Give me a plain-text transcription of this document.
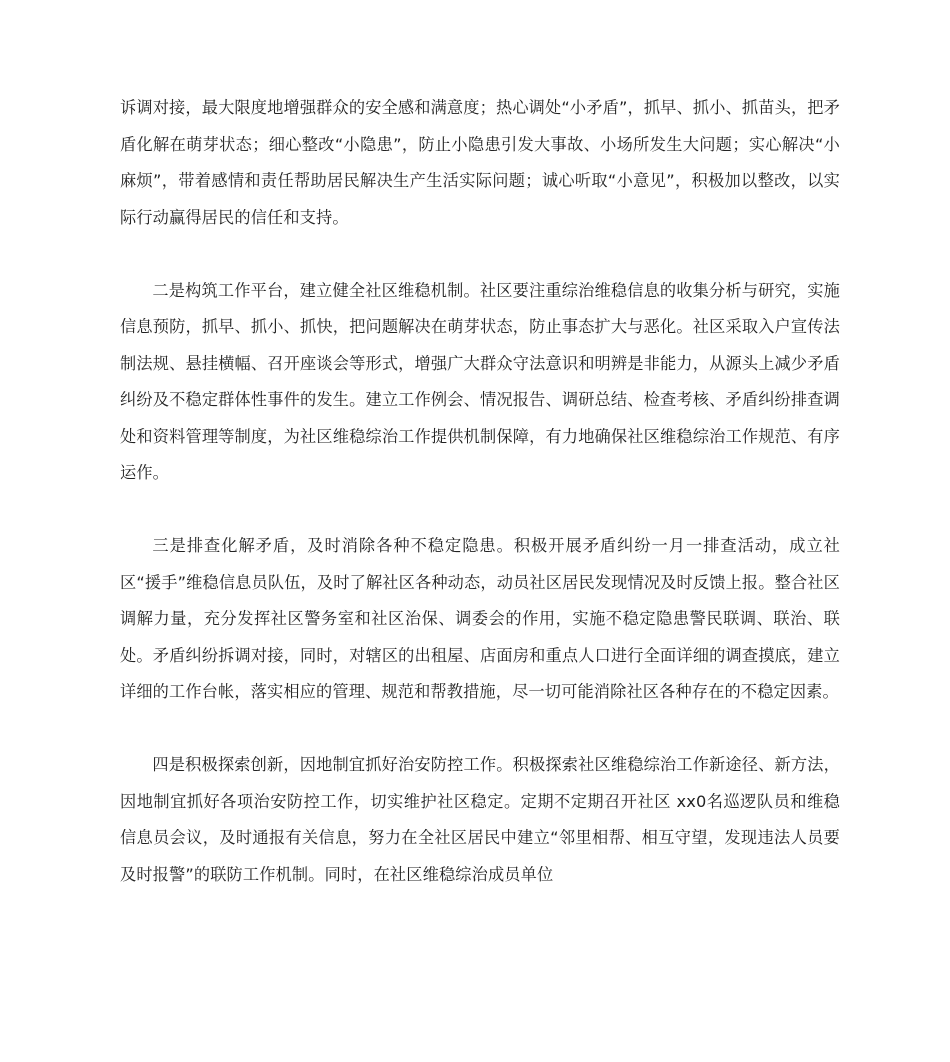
诉调对接，最大限度地增强群众的安全感和满意度；热心调处“小矛盾”，抓早、抓小、抓苗头，把矛盾化解在萌芽状态；细心整改“小隐患”，防止小隐患引发大事故、小场所发生大问题；实心解决“小麻烦”，带着感情和责任帮助居民解决生产生活实际问题；诚心听取“小意见”，积极加以整改，以实际行动赢得居民的信任和支持。

二是构筑工作平台，建立健全社区维稳机制。社区要注重综治维稳信息的收集分析与研究，实施信息预防，抓早、抓小、抓快，把问题解决在萌芽状态，防止事态扩大与恶化。社区采取入户宣传法制法规、悬挂横幅、召开座谈会等形式，增强广大群众守法意识和明辨是非能力，从源头上减少矛盾纠纷及不稳定群体性事件的发生。建立工作例会、情况报告、调研总结、检查考核、矛盾纠纷排查调处和资料管理等制度，为社区维稳综治工作提供机制保障，有力地确保社区维稳综治工作规范、有序运作。

三是排查化解矛盾，及时消除各种不稳定隐患。积极开展矛盾纠纷一月一排查活动，成立社区“援手”维稳信息员队伍，及时了解社区各种动态，动员社区居民发现情况及时反馈上报。整合社区调解力量，充分发挥社区警务室和社区治保、调委会的作用，实施不稳定隐患警民联调、联治、联处。矛盾纠纷拆调对接，同时，对辖区的出租屋、店面房和重点人口进行全面详细的调查摸底，建立详细的工作台帐，落实相应的管理、规范和帮教措施，尽一切可能消除社区各种存在的不稳定因素。

四是积极探索创新，因地制宜抓好治安防控工作。积极探索社区维稳综治工作新途径、新方法，因地制宜抓好各项治安防控工作，切实维护社区稳定。定期不定期召开社区 xx0名巡逻队员和维稳信息员会议，及时通报有关信息，努力在全社区居民中建立“邻里相帮、相互守望，发现违法人员要及时报警”的联防工作机制。同时，在社区维稳综治成员单位
